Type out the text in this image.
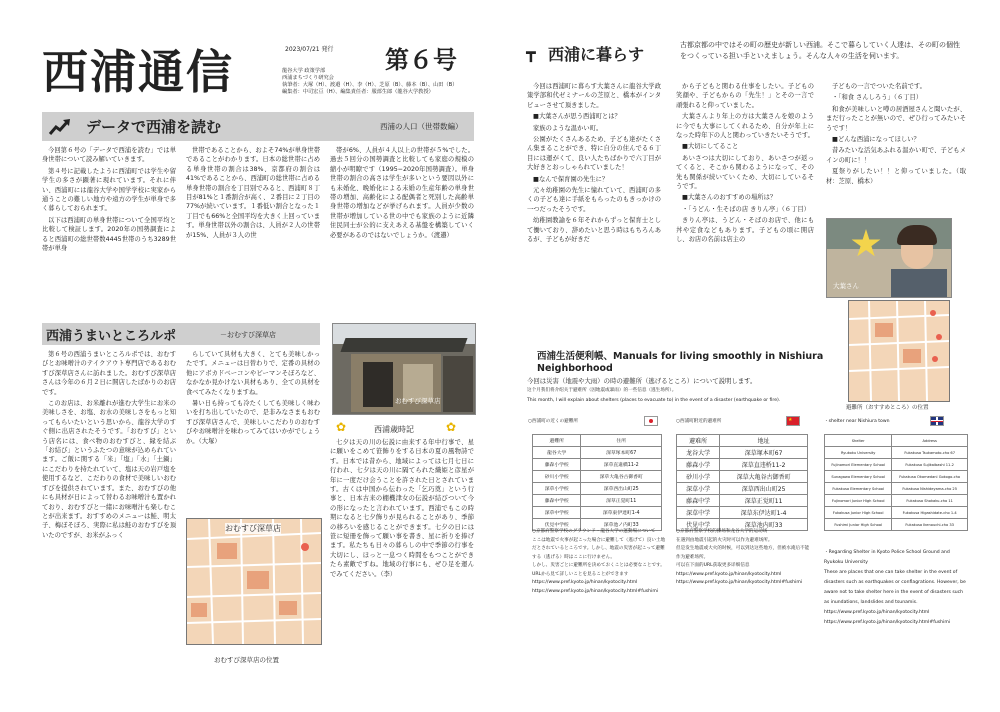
西浦通信	2023/07/21 発行 第６号
龍谷大学 政策学部
西浦まちづくり研究会
執筆者：大塚（H）、渡邉（H）、李（H）、芝原（B）、藤本（B）、山田（B）
編集者：中司宏亘（H）、編集責任者：服部生郎（龍谷大学教授）
データで西浦を読む	西浦の人口（世帯数編）

今回第６号の「データで西浦を読む」では単身世帯について読み解いていきます。

第４号に記載したように西浦町では学生や留学生の多さが顕著に現れています。それに伴い、西浦町には龍谷大学や国学学校に実家から通うことの難しい地方や遠方の学生が単身で多く暮らしておられます。

以下は西浦町の単身世帯について全国平均と比較して検証します。2020年の国勢調査によると西浦町の総世帯数4445世帯のうち3289世帯が単身

世帯であることから、およそ74%が単身世帯であることがわかります。日本の総世帯に占める単身世帯の割合は38%、京都府の割合は41%であることから、西浦町の総世帯に占める単身世帯の割合を丁目別でみると、西浦町８丁目が81%と１番割合が高く、２番目に２丁目の77%が続いています。１番低い割合となった１丁目でも66%と全国平均を大きく上回っています。単身世帯以外の割合は、人員が２人の世帯が15%、人員が３人の世

帯が6%、人員が４人以上の世帯が５%でした。過去５回分の国勢調査と比較しても家庭の規模の縮小が明瞭です（1995−2020年国勢調査）。単身世帯の割合の高さは学生が多いという要因以外にも未婚化、晩婚化による未婚の生産年齢の単身世帯の増加、高齢化による配偶者と死別した高齢単身世帯の増加などが挙げられます。人員が少数の世帯が増加している世の中でも家族のように近隣住民同士が公的に支えあえる基盤を構築していく必要があるのではないでしょうか。（渡邉）

西浦うまいところルポ	－おむすび深草店

第６号の西浦うまいところルポでは、おむすびとお味噌汁のテイクアウト専門店であるおむすび深草店さんに訪れました。おむすび深草店さんは今年の６月２日に開店したばかりのお店です。

このお店は、お米離れが進む大学生にお米の美味しさを、お塩、お水の美味しさをもっと知ってもらいたいという思いから、龍谷大学のすぐ側に出店されたそうです。「おむすび」という店名には、食べ物のおむすびと、縁を結ぶ「お結び」というふたつの意味が込められています。ご飯に関する「米」「塩」「水」「土鍋」にこだわりを持たれていて、塩は天の岩戸塩を使用するなど、こだわりの食材で美味しいおむすびを提供されています。また、おむすびの他にも具材が日によって替わるお味噌汁も置かれており、おむすびと一緒にお味噌汁も楽しむことが出来ます。おすすめのメニューは鮭、明太子、梅ぼそぼろ、実際に私は鮭のおむすびを頂いたのですが、お米がふっく

らしていて具材も大きく、とても美味しかったです。メニューは日替わりで、定番の具材の他にアボカドベーコンやピーマンそぼろなど、なかなか見かけない具材もあり、全ての具材を食べてみたくなりますね。

暑い日も持っても冷たくしても美味しく味わいを打ち出していたので、是非みなさまもおむすび深草店さんで、美味しいこだわりのおむすびやお味噌汁を味わってみてはいかがでしょうか。（大塚）

おむすび深草店
おむすび深草店
おむすび深草店の位置
✿	✿
西浦歳時記

七夕は天の川の伝説に由来する年中行事で、星に願いをこめて笹飾りをする日本の夏の風物詩です。日本では昔から、地域によっては七月七日に行われ、七夕は天の川に隔てられた織姫と彦星が年に一度だけ会うことを許された日とされています。古くは中国から伝わった「乞巧奠」という行事と、日本古来の棚機津女の伝説が結びついて今の形になったと言われています。西浦でもこの時期になると七夕飾りが見られることがあり、季節の移ろいを感じることができます。七夕の日には笹に短冊を飾って願い事を書き、星に祈りを捧げます。私たちも日々の暮らしの中で季節の行事を大切にし、ほっと一息つく時間をもつことができたら素敵ですね。地域の行事にも、ぜひ足を運んでみてください。（李）

┳ 西浦に暮らす	古都京都の中ではその町の歴史が新しい西浦。そこで暮らしていく人達は、その町の個性をつくっている担い手といえましょう。そんな人々の生活を伺います。

今回は西浦町に暮らす大葉さんに龍谷大学政策学部和代ゼミナールの芝原と、橋本がインタビューさせて頂きました。

■大葉さんが思う西浦町とは？

家族のような温かい町。

公園がたくさんあるため、子ども達がたくさん集まることができ、特に自分の住んでる６丁目には運がくて、良い人たちばかりで六丁目が大好きとおっしゃられていました！

■なんで保育園の先生に？

元々幼稚園の先生に憧れていて、西浦町の多くの子ども達に手紙をもらったのもきっかけの一つだったそうです。

幼稚園教諭を６年それからずっと保育士として働いており、辞めたいと思う時はもちろんあるが、子どもが好きだ

から子どもと関わる仕事をしたい。子どもの笑顔や、子どもからの「先生！」とその一言で頑張れると仰っていました。

大葉さんより年上の方は大葉さんを娘のように今でも大事にしてくれるため、自分が年上になった時年下の人と関わっていきたいそうです。

■大切にしてること

あいさつは大切にしており、あいさつが返ってくると、そこから関わるようになって、その先も関係が続いていくため、大切にしているそうです。

■大葉さんのおすすめの場所は？

・「うどん・生そばの店 きりん亭」（６丁目）

きりん亭は、うどん・そばのお店で、他にも丼や定食などもあります。子どもの頃に開店し、お店の名前は店主の

子どもの一言でついた名前です。

・「和食 さんしろう」（６丁目）

和食が美味しいと噂の居酒屋さんと聞いたが、まだ行ったことが無いので、ぜひ行ってみたいそうです！

■どんな西浦になってほしい？

昔みたいな活気あふれる温かい町で、子どもメインの町に！！

夏祭りがしたい！！と仰っていました。（取材：芝原、橋本）

大葉さん
避難所（おすすめところ）の位置
西浦生活便利帳、Manuals for living smoothly in Nishiura Neighborhood
今回は災害（地震や大雨）の時の避難所（逃げるところ）について説明します。
这个月我们将介绍关于避难所（因地震或暴雨）的一些信息（逃生场所）。
This month, I will explain about shelters (places to evacuate to) in the event of a disaster (earthquake or fire).
○西浦町の近くの避難所
避難所	住所
龍谷大学	深草塚本町67
藤森小学校	深草直違橋11-2
砂川小学校	深草大亀谷古御香町
深草小学校	深草西出山町25
藤森中学校	深草正覚町11
深草中学校	深草東伊達町1-4
伏見中学校	深草池ノ内町33
○西浦町附近的避难所	★
避难所	地址
龙谷大学	深草塚本町67
藤森小学	深草直违桥11-2
砂川小学	深草大亀谷古御香町
深草小学	深草西出山町25
藤森中学	深草正觉町11
深草中学	深草东伊达町1-4
伏见中学	深草池内町33
・shelter near Nishiura town
Shelter	Address
Ryukoku University	Fukakusa Tsukamoto-cho 67
Fujinomori Elementary School	Fukakusa Sujikaibashi 11-2
Sunagawa Elementary School	Fukakusa Okamedani Gokogo-cho
Fukakusa Elementary School	Fukakusa Nishideyama-cho 25
Fujinomori Junior High School	Fukakusa Shokaku-cho 11
Fukakusa Junior High School	Fukakusa Higashidate-cho 1-4
Fushimi Junior High School	Fukakusa Ikenouchi-cho 33
○京都府警察学校のグラウンド・龍谷大学の運動場について
ここは地震で火事が起こった場合に避難して（逃げて）良い土地だとされているところです。しかし、地震の災害が起こって避難する（逃げる）時はここに行けません。
しかし、災害ごとに避難所を決めておくことは必要なことです。
URLから見て詳しいことを見ることができます
https://www.pref.kyoto.jp/hinan/kyotocity.html
https://www.pref.kyoto.jp/hinan/kyotocity.html#fushimi
○京都府警察学校的操场和龙谷大学的运动场
在遇到由地震引起的火灾时可以作为避难场所。
但是发生地震或大火的时候，可以到达这些地方，但被水淹后不能作为避难场所。
可以在下面的URL获取更多详细信息
https://www.pref.kyoto.jp/hinan/kyotocity.html
https://www.pref.kyoto.jp/hinan/kyotocity.html#fushimi
・Regarding Shelter in Kyoto Police School Ground and Ryukoku University
These are places that one can take shelter in the event of disasters such as earthquakes or conflagrations. However, be aware not to take shelter here in the event of disasters such as inundations, landslides and tsunamis.
https://www.pref.kyoto.jp/hinan/kyotocity.html
https://www.pref.kyoto.jp/hinan/kyotocity.html#fushimi
